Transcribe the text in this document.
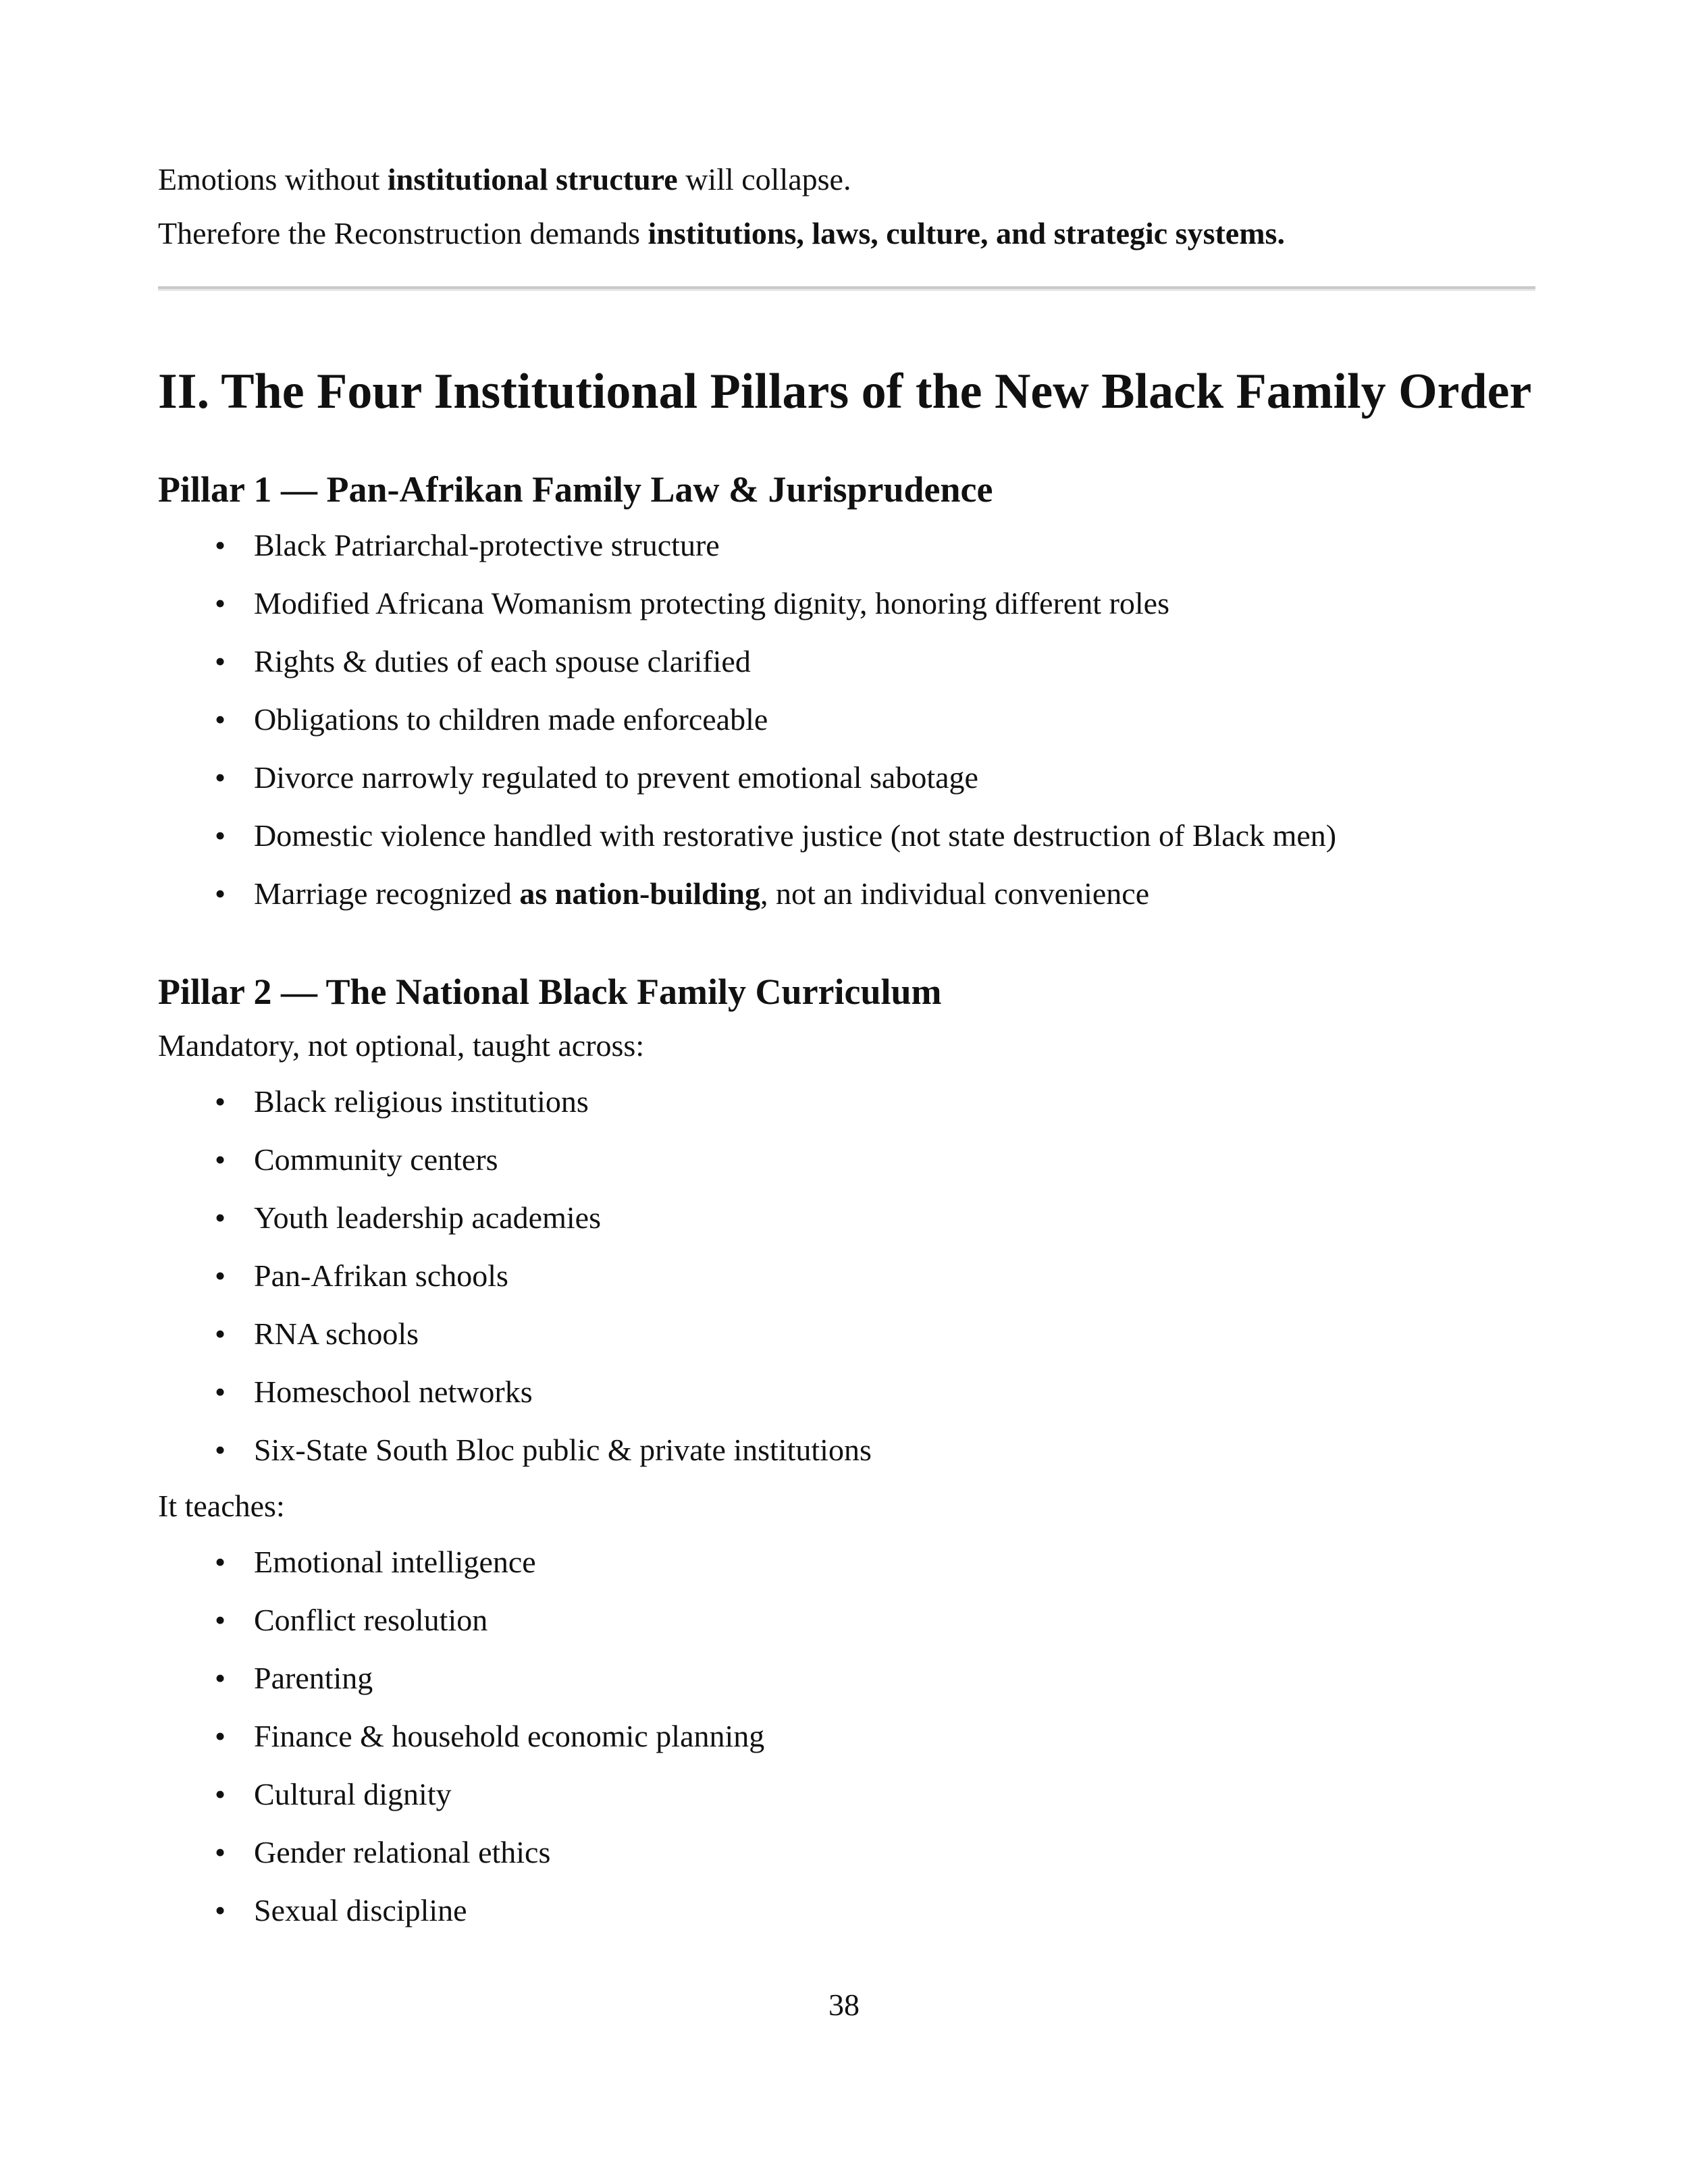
Emotions without institutional structure will collapse.

Therefore the Reconstruction demands institutions, laws, culture, and strategic systems.

II. The Four Institutional Pillars of the New Black Family Order
Pillar 1 — Pan-Afrikan Family Law & Jurisprudence
• Black Patriarchal-protective structure
• Modified Africana Womanism protecting dignity, honoring different roles
• Rights & duties of each spouse clarified
• Obligations to children made enforceable
• Divorce narrowly regulated to prevent emotional sabotage
• Domestic violence handled with restorative justice (not state destruction of Black men)
• Marriage recognized as nation-building, not an individual convenience
Pillar 2 — The National Black Family Curriculum

Mandatory, not optional, taught across:

• Black religious institutions
• Community centers
• Youth leadership academies
• Pan-Afrikan schools
• RNA schools
• Homeschool networks
• Six-State South Bloc public & private institutions

It teaches:

• Emotional intelligence
• Conflict resolution
• Parenting
• Finance & household economic planning
• Cultural dignity
• Gender relational ethics
• Sexual discipline
38
